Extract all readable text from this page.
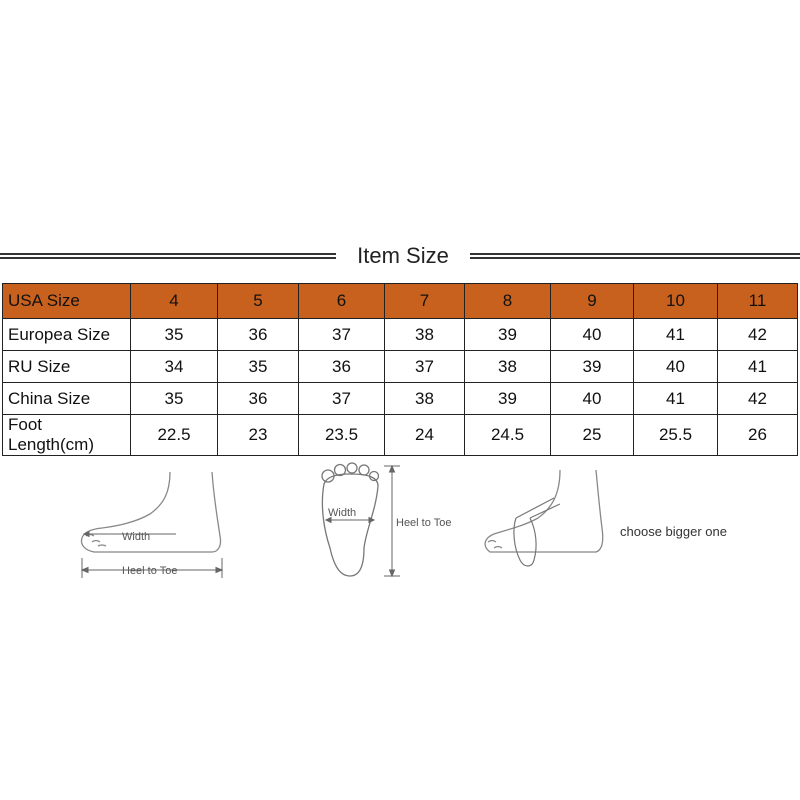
Item Size
USA Size	4	5	6	7	8	9	10	11
Europea Size	35	36	37	38	39	40	41	42
RU Size	34	35	36	37	38	39	40	41
China Size	35	36	37	38	39	40	41	42
Foot Length(cm)	22.5	23	23.5	24	24.5	25	25.5	26
Width
Heel to Toe
Width
Heel to Toe
choose bigger one
